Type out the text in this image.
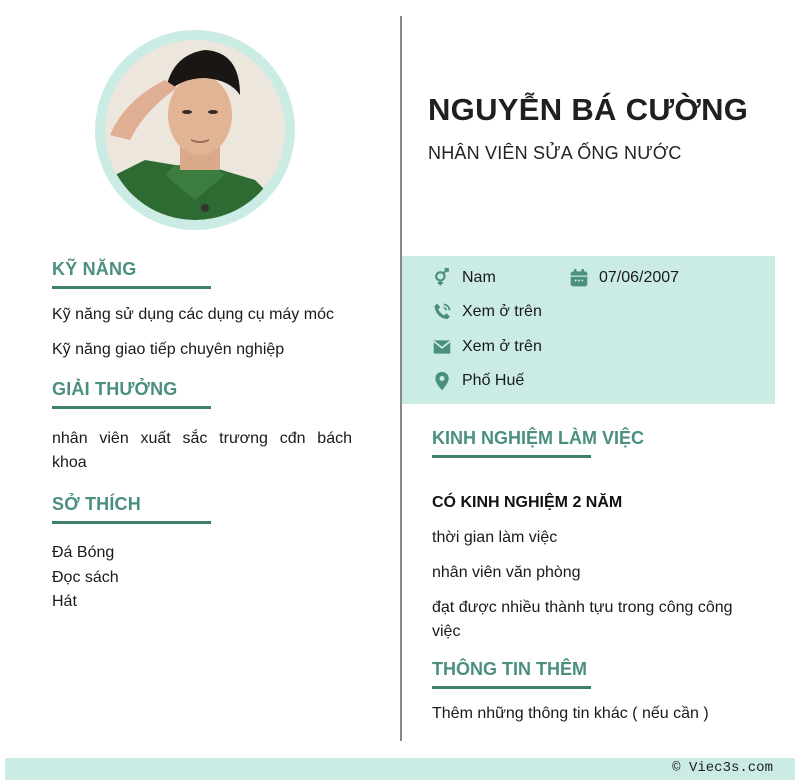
KỸ NĂNG
Kỹ năng sử dụng các dụng cụ máy móc
Kỹ năng giao tiếp chuyên nghiệp
GIẢI THƯỞNG
nhân viên xuất sắc trương cđn bách khoa
SỞ THÍCH
Đá Bóng
Đọc sách
Hát
NGUYỄN BÁ CƯỜNG
NHÂN VIÊN SỬA ỐNG NƯỚC
Nam	07/06/2007
Xem ở trên
Xem ở trên
Phố Huế
KINH NGHIỆM LÀM VIỆC
CÓ KINH NGHIỆM 2 NĂM
thời gian làm việc
nhân viên văn phòng
đạt được nhiều thành tựu trong công công việc
THÔNG TIN THÊM
Thêm những thông tin khác ( nếu cần )
© Viec3s.com
